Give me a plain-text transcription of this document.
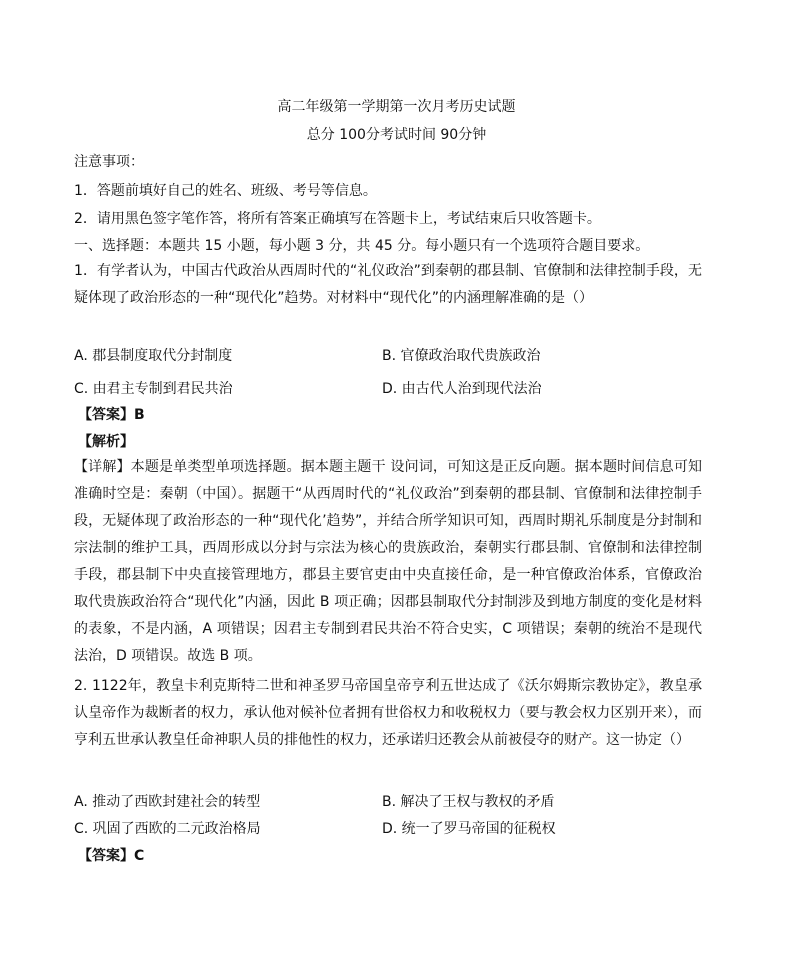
高二年级第一学期第一次月考历史试题
总分 100分考试时间 90分钟
注意事项：
1．答题前填好自己的姓名、班级、考号等信息。
2．请用黑色签字笔作答，将所有答案正确填写在答题卡上，考试结束后只收答题卡。
一、选择题：本题共 15 小题，每小题 3 分，共 45 分。每小题只有一个选项符合题目要求。
1．有学者认为，中国古代政治从西周时代的“礼仪政治”到秦朝的郡县制、官僚制和法律控制手段，无疑体现了政治形态的一种“现代化”趋势。对材料中“现代化”的内涵理解准确的是（）
A. 郡县制度取代分封制度	B. 官僚政治取代贵族政治
C. 由君主专制到君民共治	D. 由古代人治到现代法治
【答案】B
【解析】
【详解】本题是单类型单项选择题。据本题主题干 设问词，可知这是正反向题。据本题时间信息可知准确时空是：秦朝（中国）。据题干“从西周时代的“礼仪政治”到秦朝的郡县制、官僚制和法律控制手段，无疑体现了政治形态的一种“现代化’趋势”，并结合所学知识可知，西周时期礼乐制度是分封制和宗法制的维护工具，西周形成以分封与宗法为核心的贵族政治，秦朝实行郡县制、官僚制和法律控制手段，郡县制下中央直接管理地方，郡县主要官吏由中央直接任命，是一种官僚政治体系，官僚政治取代贵族政治符合“现代化”内涵，因此 B 项正确；因郡县制取代分封制涉及到地方制度的变化是材料的表象，不是内涵，A 项错误；因君主专制到君民共治不符合史实，C 项错误；秦朝的统治不是现代法治，D 项错误。故选 B 项。
2. 1122年，教皇卡利克斯特二世和神圣罗马帝国皇帝亨利五世达成了《沃尔姆斯宗教协定》，教皇承认皇帝作为裁断者的权力，承认他对候补位者拥有世俗权力和收税权力（要与教会权力区别开来），而亨利五世承认教皇任命神职人员的排他性的权力，还承诺归还教会从前被侵夺的财产。这一协定（）
A. 推动了西欧封建社会的转型	B. 解决了王权与教权的矛盾
C. 巩固了西欧的二元政治格局	D. 统一了罗马帝国的征税权
【答案】C
